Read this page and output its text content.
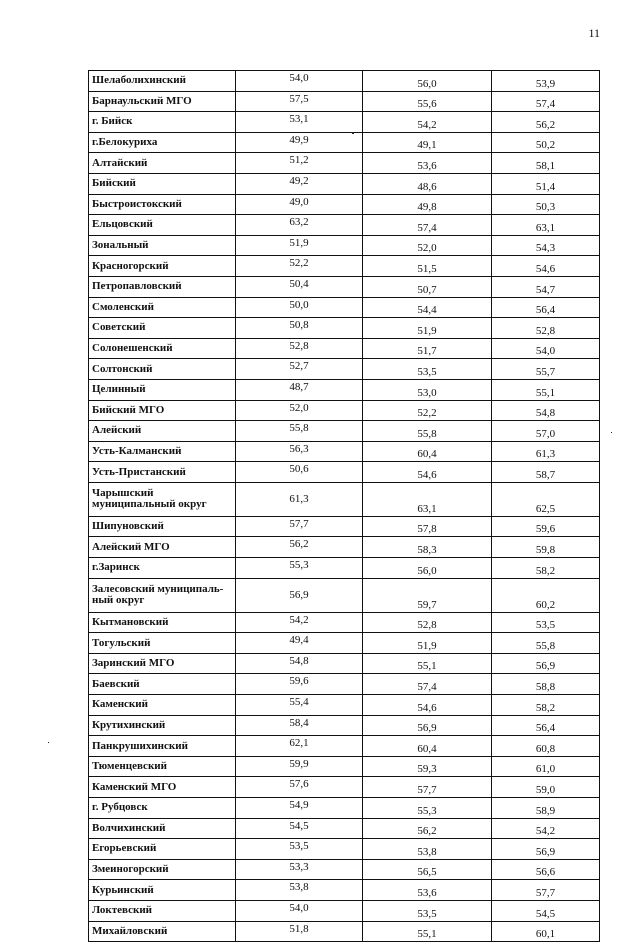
11
Шелаболихинский	54,0	56,0	53,9
Барнаульский МГО	57,5	55,6	57,4
г. Бийск	53,1	54,2	56,2
г.Белокуриха	49,9	49,1	50,2
Алтайский	51,2	53,6	58,1
Бийский	49,2	48,6	51,4
Быстроистокский	49,0	49,8	50,3
Ельцовский	63,2	57,4	63,1
Зональный	51,9	52,0	54,3
Красногорский	52,2	51,5	54,6
Петропавловский	50,4	50,7	54,7
Смоленский	50,0	54,4	56,4
Советский	50,8	51,9	52,8
Солонешенский	52,8	51,7	54,0
Солтонский	52,7	53,5	55,7
Целинный	48,7	53,0	55,1
Бийский МГО	52,0	52,2	54,8
Алейский	55,8	55,8	57,0
Усть-Калманский	56,3	60,4	61,3
Усть-Пристанский	50,6	54,6	58,7
Чарышский муниципальный округ	61,3	63,1	62,5
Шипуновский	57,7	57,8	59,6
Алейский МГО	56,2	58,3	59,8
г.Заринск	55,3	56,0	58,2
Залесовский муниципаль-ный округ	56,9	59,7	60,2
Кытмановский	54,2	52,8	53,5
Тогульский	49,4	51,9	55,8
Заринский МГО	54,8	55,1	56,9
Баевский	59,6	57,4	58,8
Каменский	55,4	54,6	58,2
Крутихинский	58,4	56,9	56,4
Панкрушихинский	62,1	60,4	60,8
Тюменцевский	59,9	59,3	61,0
Каменский МГО	57,6	57,7	59,0
г. Рубцовск	54,9	55,3	58,9
Волчихинский	54,5	56,2	54,2
Егорьевский	53,5	53,8	56,9
Змеиногорский	53,3	56,5	56,6
Курьинский	53,8	53,6	57,7
Локтевский	54,0	53,5	54,5
Михайловский	51,8	55,1	60,1
